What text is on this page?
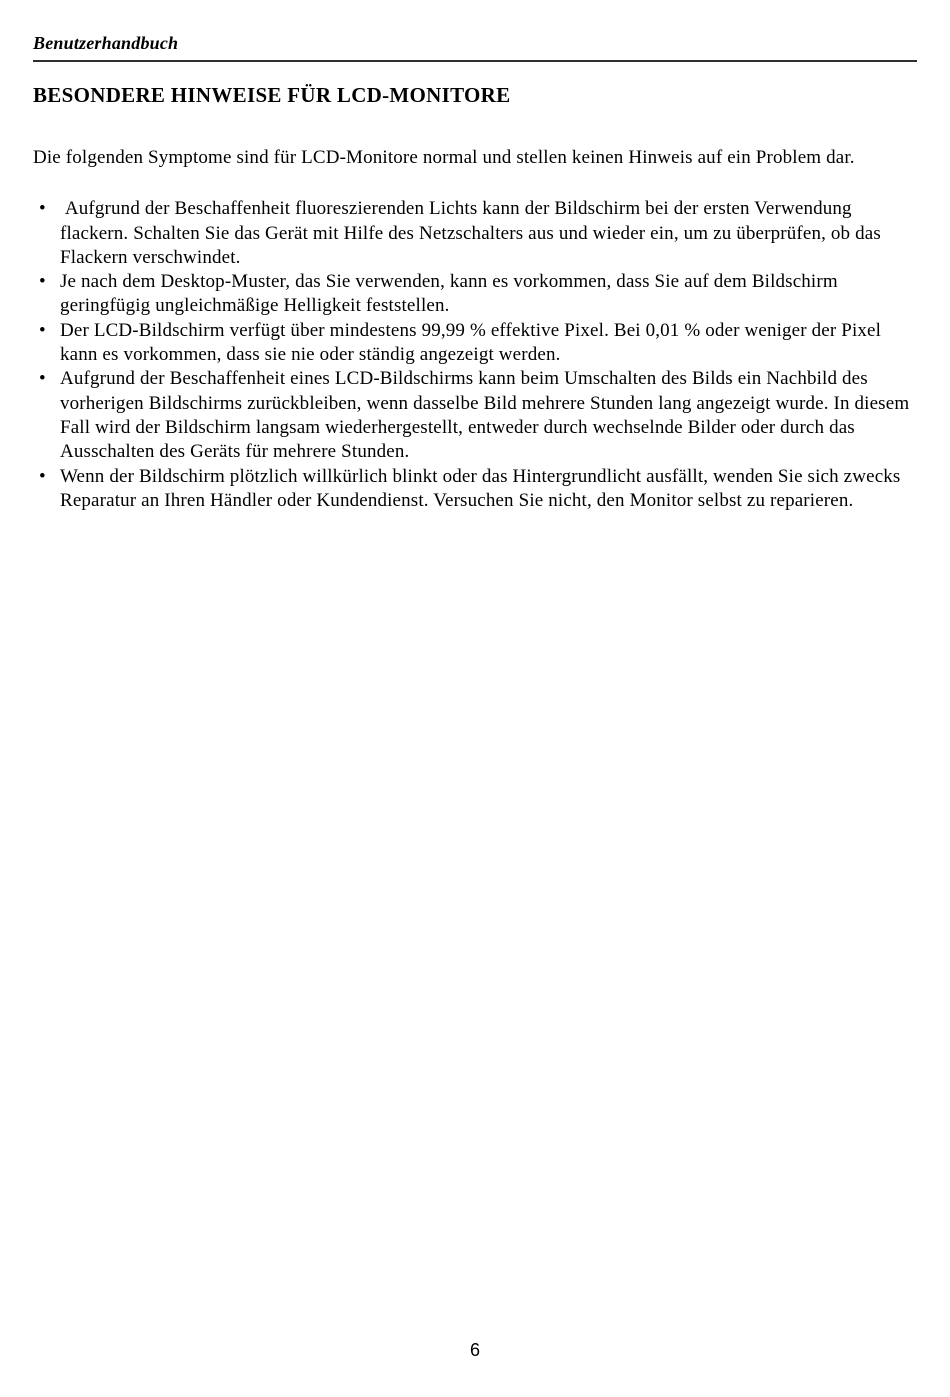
Benutzerhandbuch
BESONDERE HINWEISE FÜR LCD-MONITORE

Die folgenden Symptome sind für LCD-Monitore normal und stellen keinen Hinweis auf ein Problem dar.

•  Aufgrund der Beschaffenheit fluoreszierenden Lichts kann der Bildschirm bei der ersten Verwendung flackern. Schalten Sie das Gerät mit Hilfe des Netzschalters aus und wieder ein, um zu überprüfen, ob das Flackern verschwindet.
• Je nach dem Desktop-Muster, das Sie verwenden, kann es vorkommen, dass Sie auf dem Bildschirm geringfügig ungleichmäßige Helligkeit feststellen.
• Der LCD-Bildschirm verfügt über mindestens 99,99 % effektive Pixel. Bei 0,01 % oder weniger der Pixel kann es vorkommen, dass sie nie oder ständig angezeigt werden.
• Aufgrund der Beschaffenheit eines LCD-Bildschirms kann beim Umschalten des Bilds ein Nachbild des vorherigen Bildschirms zurückbleiben, wenn dasselbe Bild mehrere Stunden lang angezeigt wurde. In diesem Fall wird der Bildschirm langsam wiederhergestellt, entweder durch wechselnde Bilder oder durch das Ausschalten des Geräts für mehrere Stunden.
• Wenn der Bildschirm plötzlich willkürlich blinkt oder das Hintergrundlicht ausfällt, wenden Sie sich zwecks Reparatur an Ihren Händler oder Kundendienst. Versuchen Sie nicht, den Monitor selbst zu reparieren.
6
